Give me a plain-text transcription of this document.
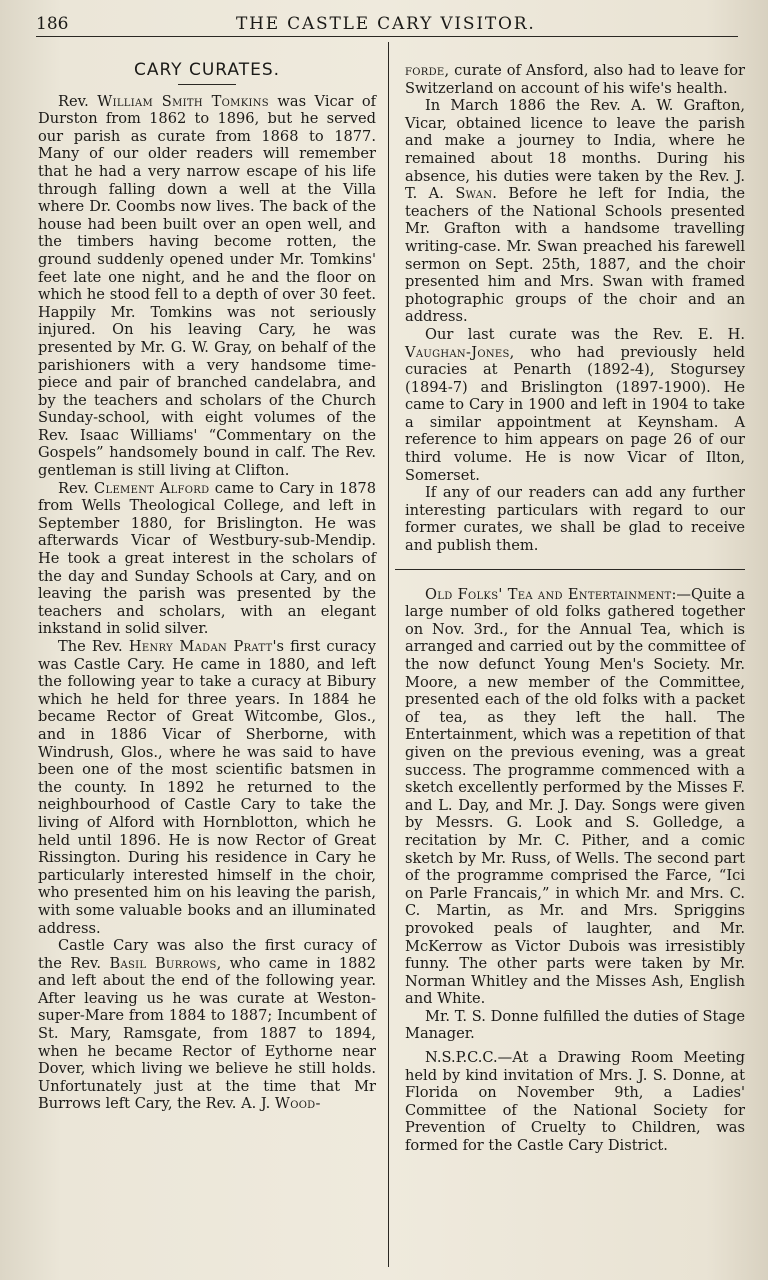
186	THE CASTLE CARY VISITOR.
CARY CURATES.

Rev. William Smith Tomkins was Vicar of Durston from 1862 to 1896, but he served our parish as curate from 1868 to 1877. Many of our older readers will remember that he had a very narrow escape of his life through falling down a well at the Villa where Dr. Coombs now lives. The back of the house had been built over an open well, and the timbers having become rotten, the ground suddenly opened under Mr. Tomkins' feet late one night, and he and the floor on which he stood fell to a depth of over 30 feet. Happily Mr. Tomkins was not seriously injured. On his leaving Cary, he was presented by Mr. G. W. Gray, on behalf of the parishioners with a very handsome time-piece and pair of branched candelabra, and by the teachers and scholars of the Church Sunday-school, with eight volumes of the Rev. Isaac Williams' “Commentary on the Gospels” handsomely bound in calf. The Rev. gentleman is still living at Clifton.

Rev. Clement Alford came to Cary in 1878 from Wells Theological College, and left in September 1880, for Brislington. He was afterwards Vicar of Westbury-sub-Mendip. He took a great interest in the scholars of the day and Sunday Schools at Cary, and on leaving the parish was presented by the teachers and scholars, with an elegant inkstand in solid silver.

The Rev. Henry Madan Pratt's first curacy was Castle Cary. He came in 1880, and left the following year to take a curacy at Bibury which he held for three years. In 1884 he became Rector of Great Witcombe, Glos., and in 1886 Vicar of Sherborne, with Windrush, Glos., where he was said to have been one of the most scientific batsmen in the county. In 1892 he returned to the neighbourhood of Castle Cary to take the living of Alford with Hornblotton, which he held until 1896. He is now Rector of Great Rissington. During his residence in Cary he particularly interested himself in the choir, who presented him on his leaving the parish, with some valuable books and an illuminated address.

Castle Cary was also the first curacy of the Rev. Basil Burrows, who came in 1882 and left about the end of the following year. After leaving us he was curate at Weston-super-Mare from 1884 to 1887; Incumbent of St. Mary, Ramsgate, from 1887 to 1894, when he became Rector of Eythorne near Dover, which living we believe he still holds. Unfortunately just at the time that Mr Burrows left Cary, the Rev. A. J. Wood-

forde, curate of Ansford, also had to leave for Switzerland on account of his wife's health.

In March 1886 the Rev. A. W. Grafton, Vicar, obtained licence to leave the parish and make a journey to India, where he remained about 18 months. During his absence, his duties were taken by the Rev. J. T. A. Swan. Before he left for India, the teachers of the National Schools presented Mr. Grafton with a handsome travelling writing-case. Mr. Swan preached his farewell sermon on Sept. 25th, 1887, and the choir presented him and Mrs. Swan with framed photographic groups of the choir and an address.

Our last curate was the Rev. E. H. Vaughan-Jones, who had previously held curacies at Penarth (1892-4), Stogursey (1894-7) and Brislington (1897-1900). He came to Cary in 1900 and left in 1904 to take a similar appointment at Keynsham. A reference to him appears on page 26 of our third volume. He is now Vicar of Ilton, Somerset.

If any of our readers can add any further interesting particulars with regard to our former curates, we shall be glad to receive and publish them.

Old Folks' Tea and Entertainment:—Quite a large number of old folks gathered together on Nov. 3rd., for the Annual Tea, which is arranged and carried out by the committee of the now defunct Young Men's Society. Mr. Moore, a new member of the Committee, presented each of the old folks with a packet of tea, as they left the hall. The Entertainment, which was a repetition of that given on the previous evening, was a great success. The programme commenced with a sketch excellently performed by the Misses F. and L. Day, and Mr. J. Day. Songs were given by Messrs. G. Look and S. Golledge, a recitation by Mr. C. Pither, and a comic sketch by Mr. Russ, of Wells. The second part of the programme comprised the Farce, “Ici on Parle Francais,” in which Mr. and Mrs. C. C. Martin, as Mr. and Mrs. Spriggins provoked peals of laughter, and Mr. McKerrow as Victor Dubois was irresistibly funny. The other parts were taken by Mr. Norman Whitley and the Misses Ash, English and White.

Mr. T. S. Donne fulfilled the duties of Stage Manager.

N.S.P.C.C.—At a Drawing Room Meeting held by kind invitation of Mrs. J. S. Donne, at Florida on November 9th, a Ladies' Committee of the National Society for Prevention of Cruelty to Children, was formed for the Castle Cary District.
